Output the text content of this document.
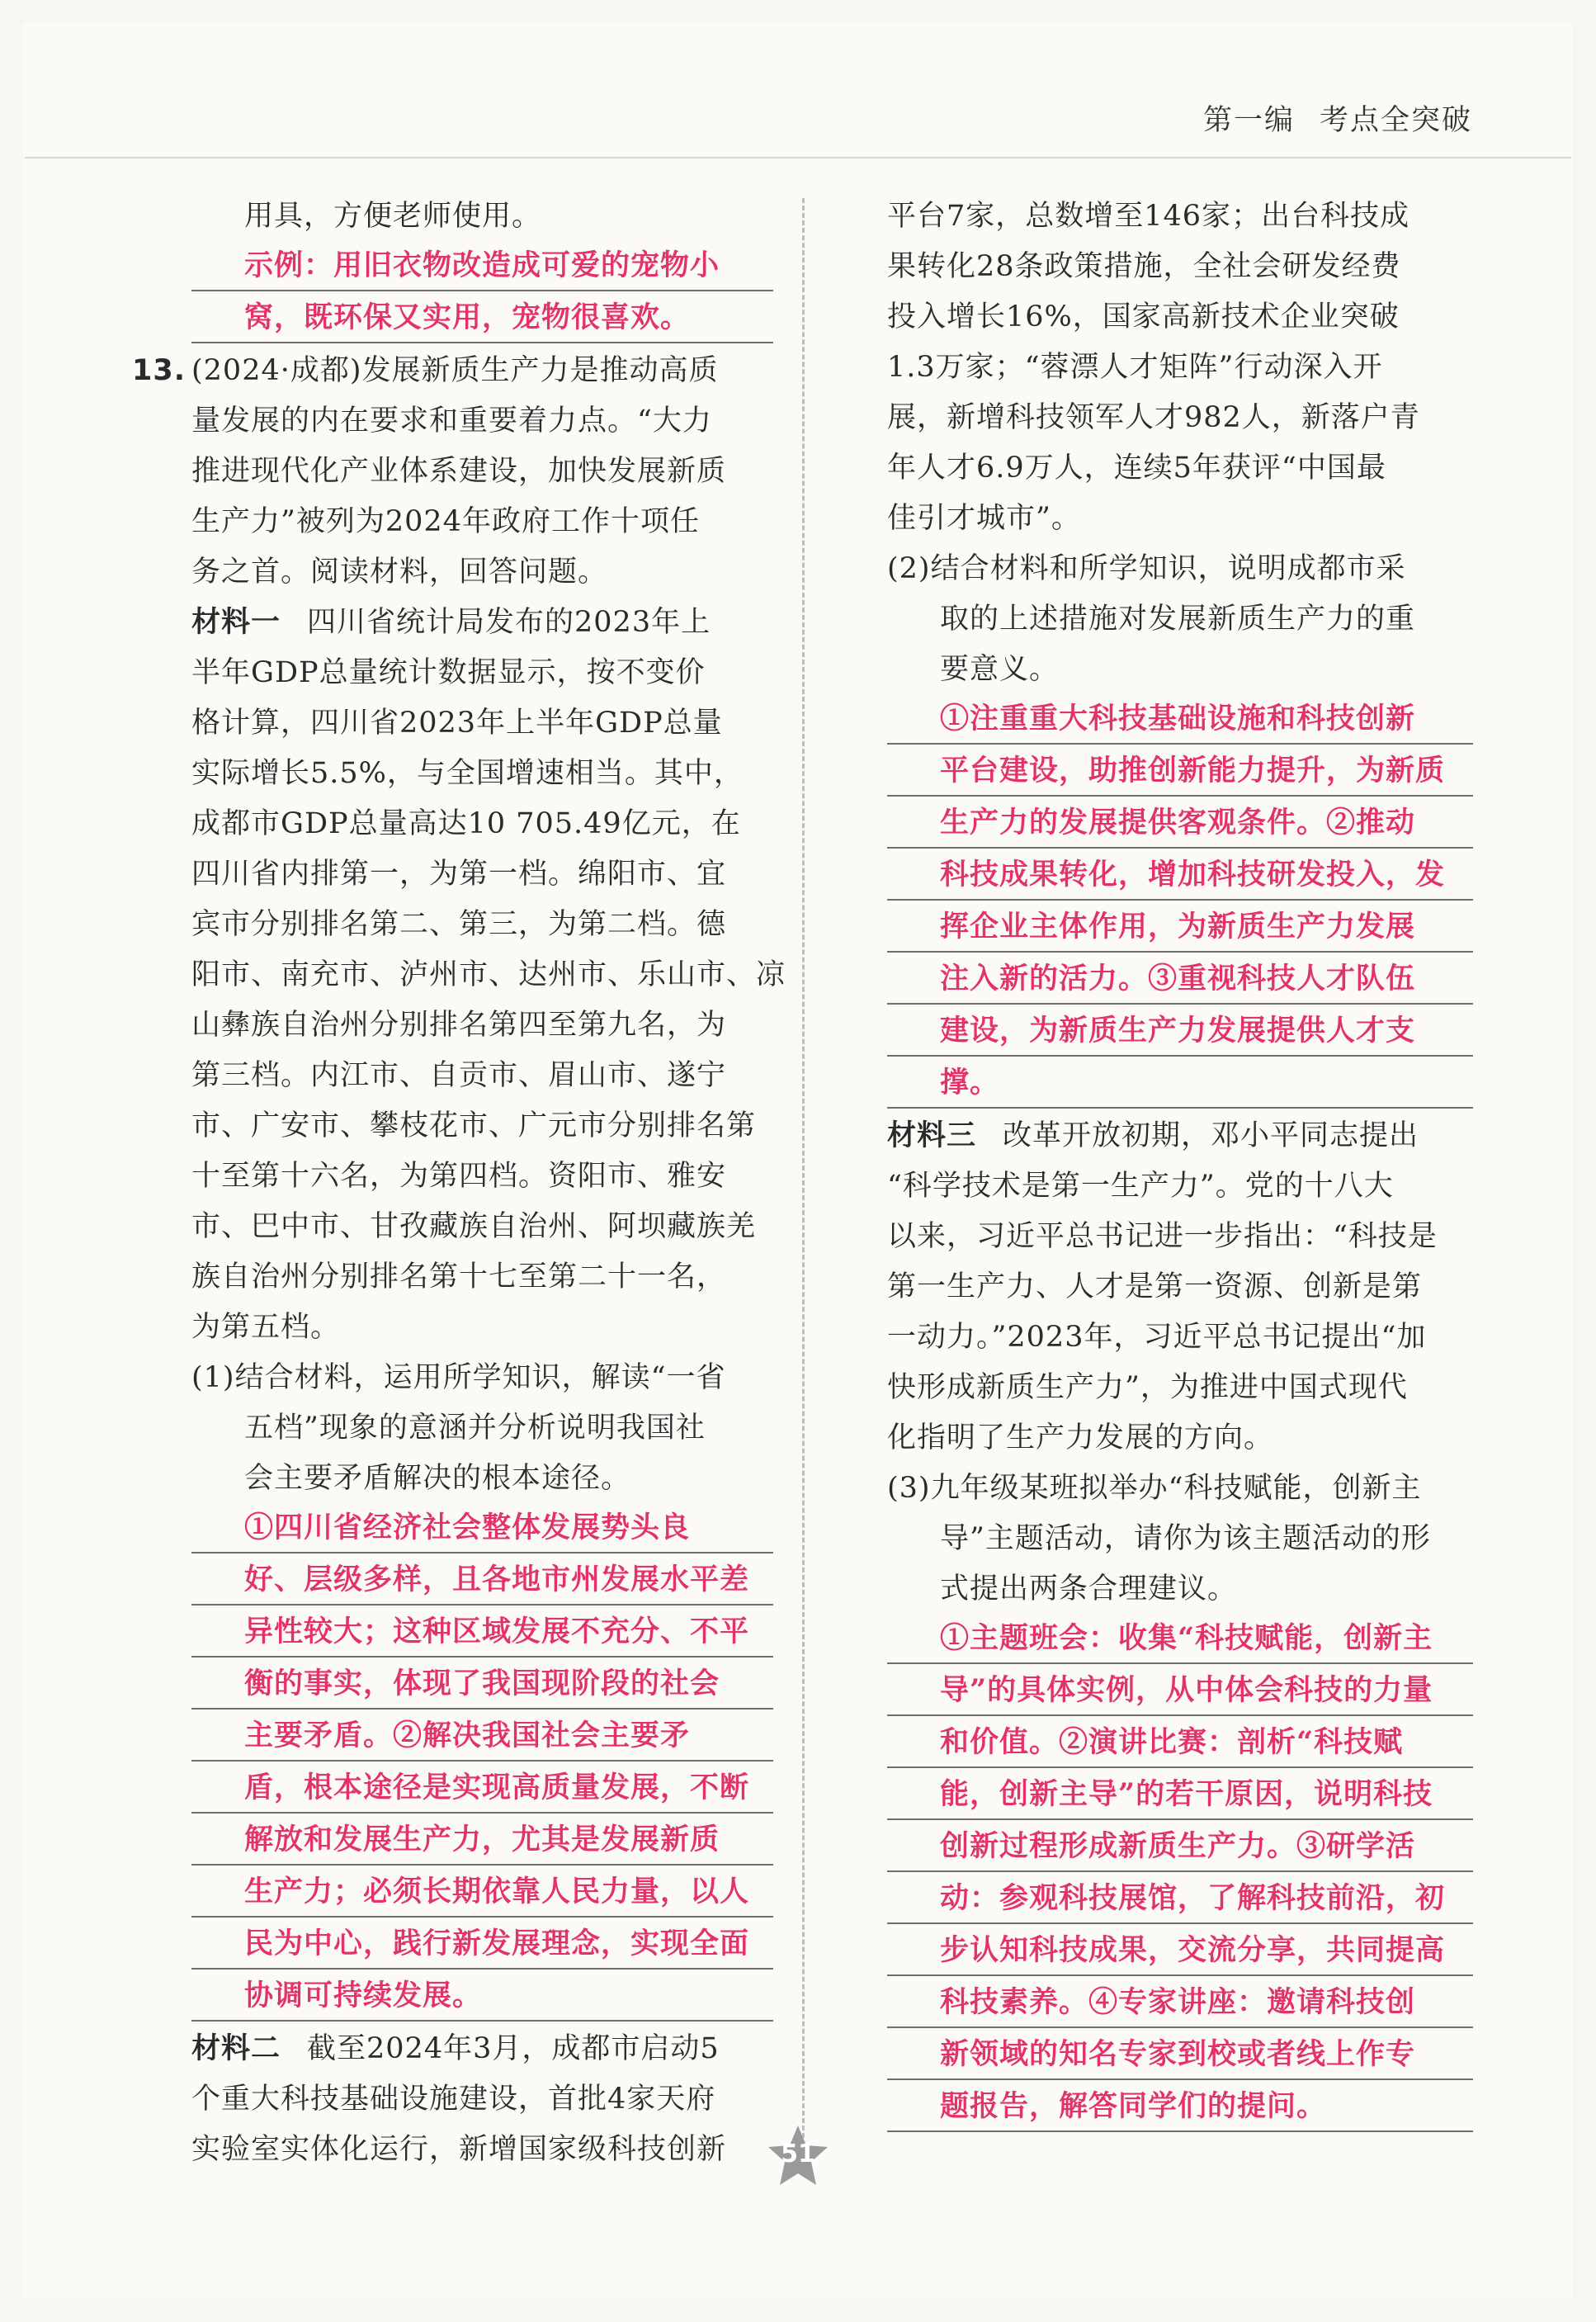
第一编 考点全突破
用具，方便老师使用。
示例：用旧衣物改造成可爱的宠物小
窝，既环保又实用，宠物很喜欢。
13. (2024·成都)发展新质生产力是推动高质
量发展的内在要求和重要着力点。“大力
推进现代化产业体系建设，加快发展新质
生产力”被列为2024年政府工作十项任
务之首。阅读材料，回答问题。
材料一 四川省统计局发布的2023年上
半年GDP总量统计数据显示，按不变价
格计算，四川省2023年上半年GDP总量
实际增长5.5%，与全国增速相当。其中，
成都市GDP总量高达10 705.49亿元，在
四川省内排第一，为第一档。绵阳市、宜
宾市分别排名第二、第三，为第二档。德
阳市、南充市、泸州市、达州市、乐山市、凉
山彝族自治州分别排名第四至第九名，为
第三档。内江市、自贡市、眉山市、遂宁
市、广安市、攀枝花市、广元市分别排名第
十至第十六名，为第四档。资阳市、雅安
市、巴中市、甘孜藏族自治州、阿坝藏族羌
族自治州分别排名第十七至第二十一名，
为第五档。
(1)结合材料，运用所学知识，解读“一省
五档”现象的意涵并分析说明我国社
会主要矛盾解决的根本途径。
①四川省经济社会整体发展势头良
好、层级多样，且各地市州发展水平差
异性较大；这种区域发展不充分、不平
衡的事实，体现了我国现阶段的社会
主要矛盾。②解决我国社会主要矛
盾，根本途径是实现高质量发展，不断
解放和发展生产力，尤其是发展新质
生产力；必须长期依靠人民力量，以人
民为中心，践行新发展理念，实现全面
协调可持续发展。
材料二 截至2024年3月，成都市启动5
个重大科技基础设施建设，首批4家天府
实验室实体化运行，新增国家级科技创新
平台7家，总数增至146家；出台科技成
果转化28条政策措施，全社会研发经费
投入增长16%，国家高新技术企业突破
1.3万家；“蓉漂人才矩阵”行动深入开
展，新增科技领军人才982人，新落户青
年人才6.9万人，连续5年获评“中国最
佳引才城市”。
(2)结合材料和所学知识，说明成都市采
取的上述措施对发展新质生产力的重
要意义。
①注重重大科技基础设施和科技创新
平台建设，助推创新能力提升，为新质
生产力的发展提供客观条件。②推动
科技成果转化，增加科技研发投入，发
挥企业主体作用，为新质生产力发展
注入新的活力。③重视科技人才队伍
建设，为新质生产力发展提供人才支
撑。
材料三 改革开放初期，邓小平同志提出
“科学技术是第一生产力”。党的十八大
以来，习近平总书记进一步指出：“科技是
第一生产力、人才是第一资源、创新是第
一动力。”2023年，习近平总书记提出“加
快形成新质生产力”，为推进中国式现代
化指明了生产力发展的方向。
(3)九年级某班拟举办“科技赋能，创新主
导”主题活动，请你为该主题活动的形
式提出两条合理建议。
①主题班会：收集“科技赋能，创新主
导”的具体实例，从中体会科技的力量
和价值。②演讲比赛：剖析“科技赋
能，创新主导”的若干原因，说明科技
创新过程形成新质生产力。③研学活
动：参观科技展馆，了解科技前沿，初
步认知科技成果，交流分享，共同提高
科技素养。④专家讲座：邀请科技创
新领域的知名专家到校或者线上作专
题报告，解答同学们的提问。
51
